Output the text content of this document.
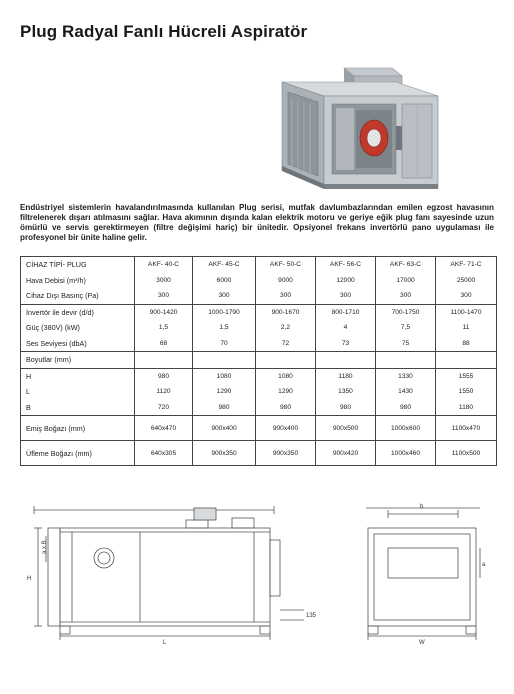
Plug Radyal Fanlı Hücreli Aspiratör
Endüstriyel sistemlerin havalandırılmasında kullanılan Plug serisi, mutfak davlumbazlarından emilen egzost havasının filtrelenerek dışarı atılmasını sağlar. Hava akımının dışında kalan elektrik motoru ve geriye eğik plug fanı sayesinde uzun ömürlü ve servis gerektirmeyen (filtre değişimi hariç) bir ünitedir. Opsiyonel frekans invertörlü pano uygulaması ile profesyonel bir ünite haline gelir.
CİHAZ TİPİ- PLUG	AKF- 40-C	AKF- 45-C	AKF- 50-C	AKF- 56-C	AKF- 63-C	AKF- 71-C
Hava Debisi (m³/h)	3000	6000	9000	12000	17000	25000
Cihaz Dışı Basınç (Pa)	300	300	300	300	300	300
İnvertör ile devir (d/d)	900-1420	1000-1790	900-1670	800-1710	700-1750	1100-1470
Güç (380V) (kW)	1,5	1,5	2,2	4	7,5	11
Ses Seviyesi (dbA)	68	70	72	73	75	88
Boyutlar (mm)						
H	980	1080	1080	1180	1330	1555
L	1120	1290	1290	1350	1430	1550
B	720	980	980	980	980	1180
Emiş Boğazı (mm)	640x470	900x400	900x400	900x500	1000x600	1100x470
Üfleme Boğazı (mm)	640x305	900x350	900x350	900x420	1000x460	1100x500
H
a x B
135
L
b
a
W
